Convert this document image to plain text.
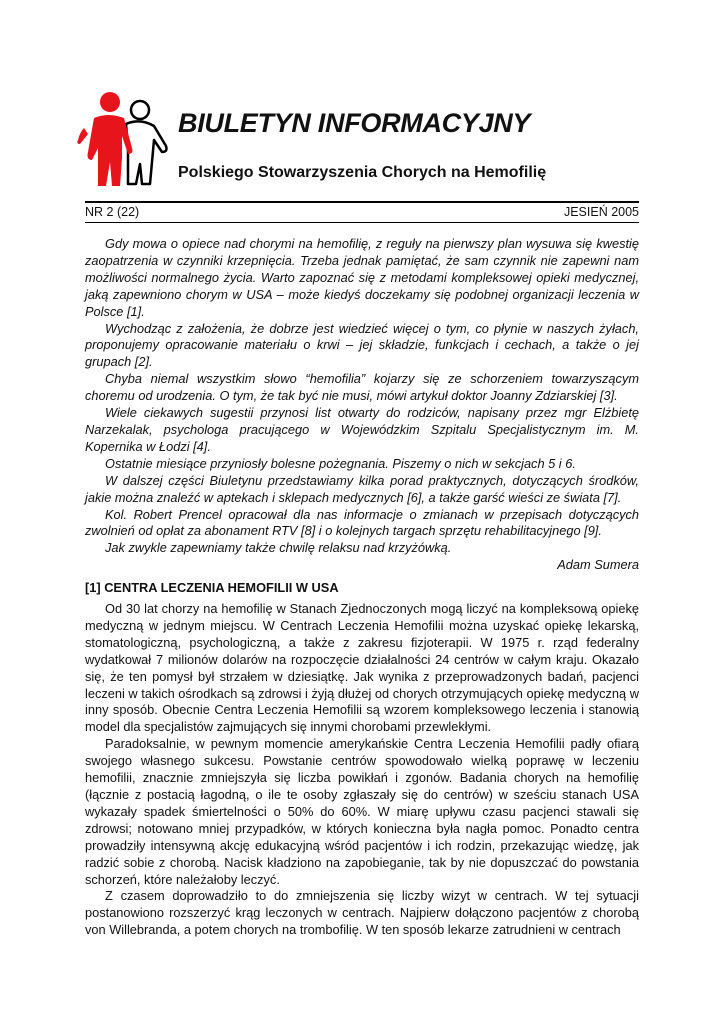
BIULETYN INFORMACYJNY
Polskiego Stowarzyszenia Chorych na Hemofilię
NR 2 (22)	JESIEŃ 2005

Gdy mowa o opiece nad chorymi na hemofilię, z reguły na pierwszy plan wysuwa się kwestię zaopatrzenia w czynniki krzepnięcia. Trzeba jednak pamiętać, że sam czynnik nie zapewni nam możliwości normalnego życia. Warto zapoznać się z metodami kompleksowej opieki medycznej, jaką zapewniono chorym w USA – może kiedyś doczekamy się podobnej organizacji leczenia w Polsce [1].

Wychodząc z założenia, że dobrze jest wiedzieć więcej o tym, co płynie w naszych żyłach, proponujemy opracowanie materiału o krwi – jej składzie, funkcjach i cechach, a także o jej grupach [2].

Chyba niemal wszystkim słowo “hemofilia” kojarzy się ze schorzeniem towarzyszącym choremu od urodzenia. O tym, że tak być nie musi, mówi artykuł doktor Joanny Zdziarskiej [3].

Wiele ciekawych sugestii przynosi list otwarty do rodziców, napisany przez mgr Elżbietę Narzekalak, psychologa pracującego w Wojewódzkim Szpitalu Specjalistycznym im. M. Kopernika w Łodzi [4].

Ostatnie miesiące przyniosły bolesne pożegnania. Piszemy o nich w sekcjach 5 i 6.

W dalszej części Biuletynu przedstawiamy kilka porad praktycznych, dotyczących środków, jakie można znaleźć w aptekach i sklepach medycznych [6], a także garść wieści ze świata [7].

Kol. Robert Prencel opracował dla nas informacje o zmianach w przepisach dotyczących zwolnień od opłat za abonament RTV [8] i o kolejnych targach sprzętu rehabilitacyjnego [9].

Jak zwykle zapewniamy także chwilę relaksu nad krzyżówką.

Adam Sumera

[1] CENTRA LECZENIA HEMOFILII W USA

Od 30 lat chorzy na hemofilię w Stanach Zjednoczonych mogą liczyć na kompleksową opiekę medyczną w jednym miejscu. W Centrach Leczenia Hemofilii można uzyskać opiekę lekarską, stomatologiczną, psychologiczną, a także z zakresu fizjoterapii. W 1975 r. rząd federalny wydatkował 7 milionów dolarów na rozpoczęcie działalności 24 centrów w całym kraju. Okazało się, że ten pomysł był strzałem w dziesiątkę. Jak wynika z przeprowadzonych badań, pacjenci leczeni w takich ośrodkach są zdrowsi i żyją dłużej od chorych otrzymujących opiekę medyczną w inny sposób. Obecnie Centra Leczenia Hemofilii są wzorem kompleksowego leczenia i stanowią model dla specjalistów zajmujących się innymi chorobami przewlekłymi.

Paradoksalnie, w pewnym momencie amerykańskie Centra Leczenia Hemofilii padły ofiarą swojego własnego sukcesu. Powstanie centrów spowodowało wielką poprawę w leczeniu hemofilii, znacznie zmniejszyła się liczba powikłań i zgonów. Badania chorych na hemofilię (łącznie z postacią łagodną, o ile te osoby zgłaszały się do centrów) w sześciu stanach USA wykazały spadek śmiertelności o 50% do 60%. W miarę upływu czasu pacjenci stawali się zdrowsi; notowano mniej przypadków, w których konieczna była nagła pomoc. Ponadto centra prowadziły intensywną akcję edukacyjną wśród pacjentów i ich rodzin, przekazując wiedzę, jak radzić sobie z chorobą. Nacisk kładziono na zapobieganie, tak by nie dopuszczać do powstania schorzeń, które należałoby leczyć.

Z czasem doprowadziło to do zmniejszenia się liczby wizyt w centrach. W tej sytuacji postanowiono rozszerzyć krąg leczonych w centrach. Najpierw dołączono pacjentów z chorobą von Willebranda, a potem chorych na trombofilię. W ten sposób lekarze zatrudnieni w centrach
